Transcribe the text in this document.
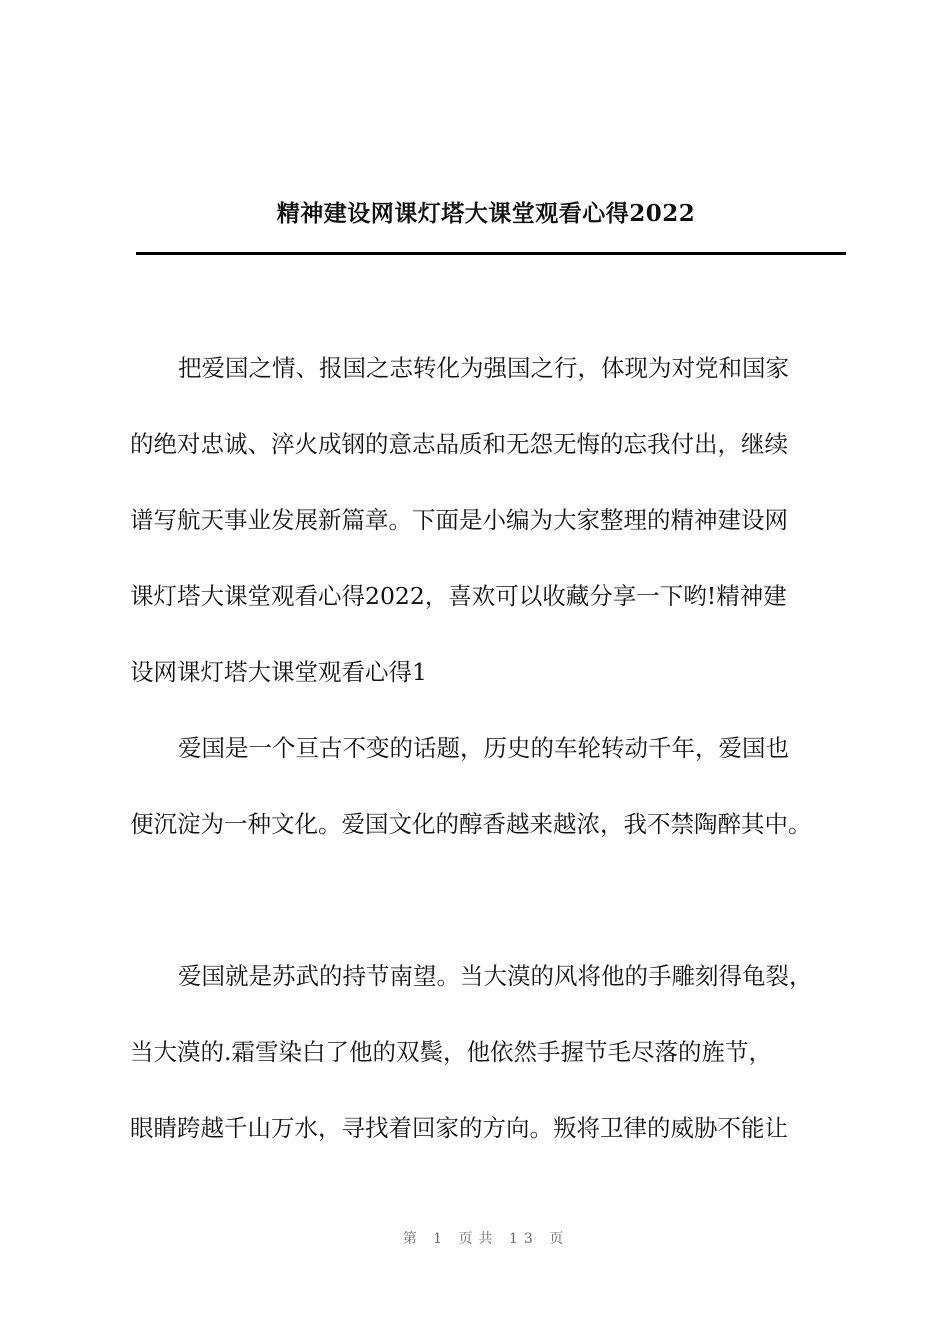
精神建设网课灯塔大课堂观看心得2022
把爱国之情、报国之志转化为强国之行，体现为对党和国家
的绝对忠诚、淬火成钢的意志品质和无怨无悔的忘我付出，继续
谱写航天事业发展新篇章。下面是小编为大家整理的精神建设网
课灯塔大课堂观看心得2022，喜欢可以收藏分享一下哟!精神建
设网课灯塔大课堂观看心得1
爱国是一个亘古不变的话题，历史的车轮转动千年，爱国也
便沉淀为一种文化。爱国文化的醇香越来越浓，我不禁陶醉其中。
爱国就是苏武的持节南望。当大漠的风将他的手雕刻得龟裂，
当大漠的.霜雪染白了他的双鬓，他依然手握节毛尽落的旌节，
眼睛跨越千山万水，寻找着回家的方向。叛将卫律的威胁不能让
第 1 页共 13 页
